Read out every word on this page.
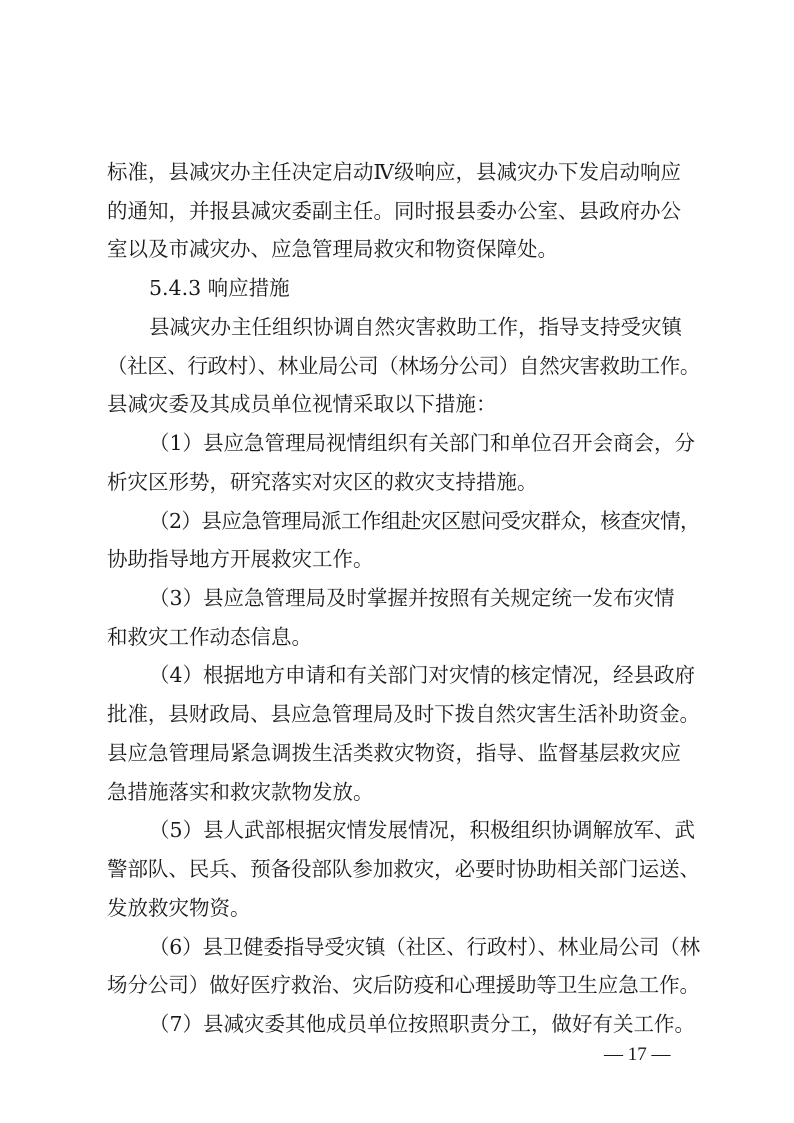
标准，县减灾办主任决定启动Ⅳ级响应，县减灾办下发启动响应
的通知，并报县减灾委副主任。同时报县委办公室、县政府办公
室以及市减灾办、应急管理局救灾和物资保障处。
5.4.3 响应措施
县减灾办主任组织协调自然灾害救助工作，指导支持受灾镇
（社区、行政村）、林业局公司（林场分公司）自然灾害救助工作。
县减灾委及其成员单位视情采取以下措施：
（1）县应急管理局视情组织有关部门和单位召开会商会，分
析灾区形势，研究落实对灾区的救灾支持措施。
（2）县应急管理局派工作组赴灾区慰问受灾群众，核查灾情，
协助指导地方开展救灾工作。
（3）县应急管理局及时掌握并按照有关规定统一发布灾情
和救灾工作动态信息。
（4）根据地方申请和有关部门对灾情的核定情况，经县政府
批准，县财政局、县应急管理局及时下拨自然灾害生活补助资金。
县应急管理局紧急调拨生活类救灾物资，指导、监督基层救灾应
急措施落实和救灾款物发放。
（5）县人武部根据灾情发展情况，积极组织协调解放军、武
警部队、民兵、预备役部队参加救灾，必要时协助相关部门运送、
发放救灾物资。
（6）县卫健委指导受灾镇（社区、行政村）、林业局公司（林
场分公司）做好医疗救治、灾后防疫和心理援助等卫生应急工作。
（7）县减灾委其他成员单位按照职责分工，做好有关工作。
— 17 —
